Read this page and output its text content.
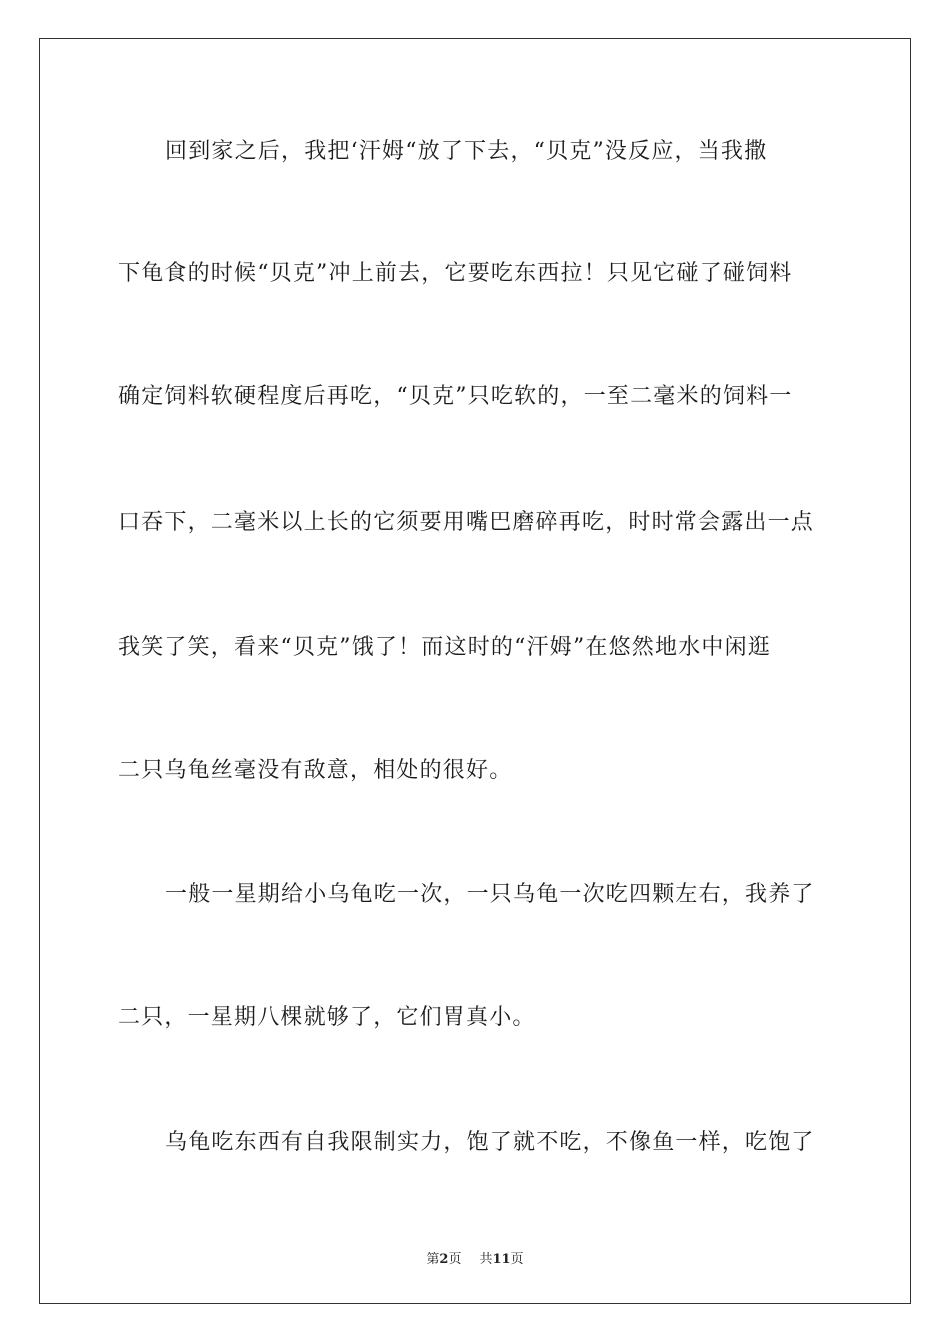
回到家之后，我把‘汗姆“放了下去，“贝克”没反应，当我撒
下龟食的时候“贝克”冲上前去，它要吃东西拉！只见它碰了碰饲料
确定饲料软硬程度后再吃，“贝克”只吃软的，一至二毫米的饲料一
口吞下，二毫米以上长的它须要用嘴巴磨碎再吃，时时常会露出一点
我笑了笑，看来“贝克”饿了！而这时的“汗姆”在悠然地水中闲逛
二只乌龟丝毫没有敌意，相处的很好。
一般一星期给小乌龟吃一次，一只乌龟一次吃四颗左右，我养了
二只，一星期八棵就够了，它们胃真小。
乌龟吃东西有自我限制实力，饱了就不吃，不像鱼一样，吃饱了
第2页 共11页
